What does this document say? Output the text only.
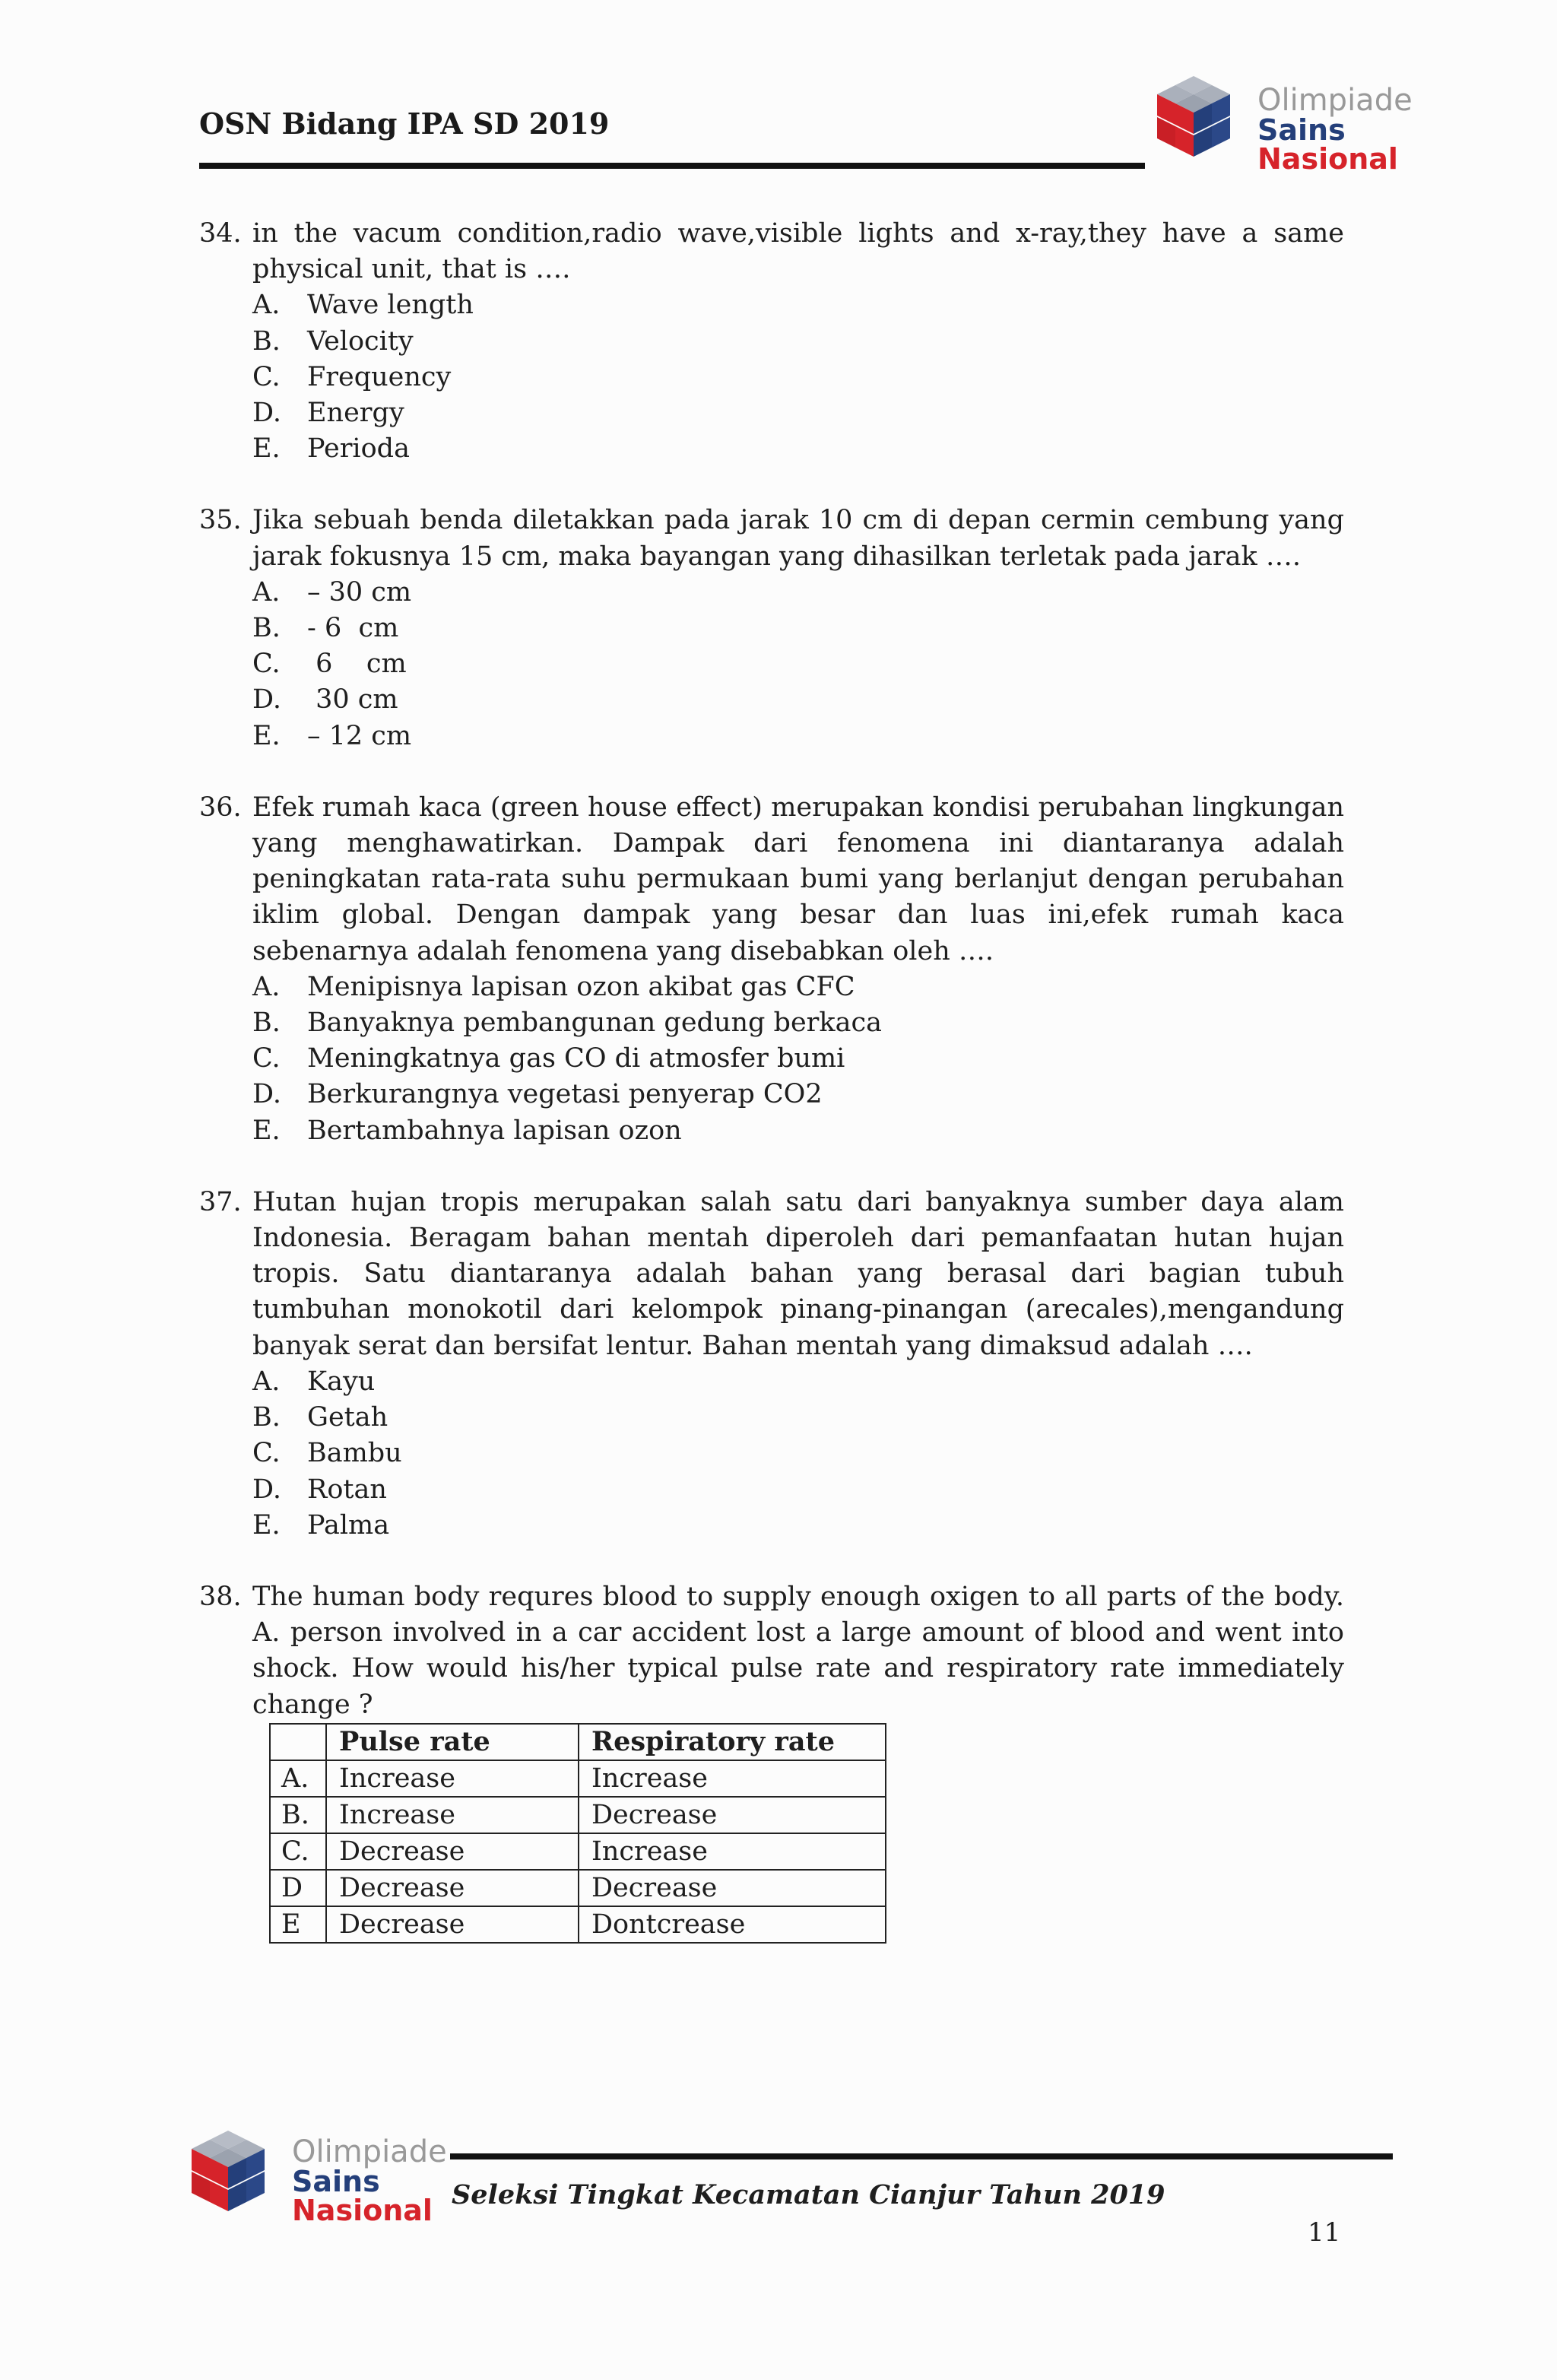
OSN Bidang IPA SD 2019
Olimpiade
Sains
Nasional
34. in the vacum condition,radio wave,visible lights and x-ray,they have a same physical unit, that is ….
A.	Wave length
B.	Velocity
C.	Frequency
D. Energy
E.	Perioda
35. Jika sebuah benda diletakkan pada jarak 10 cm di depan cermin cembung yang jarak fokusnya 15 cm, maka bayangan yang dihasilkan terletak pada jarak ….
A.	– 30 cm
B.	- 6  cm
C.	6    cm
D. 30 cm
E.	– 12 cm
36. Efek rumah kaca (green house effect) merupakan kondisi perubahan lingkungan yang menghawatirkan. Dampak dari fenomena ini diantaranya adalah peningkatan rata-rata suhu permukaan bumi yang berlanjut dengan perubahan iklim global. Dengan dampak yang besar dan luas ini,efek rumah kaca sebenarnya adalah fenomena yang disebabkan oleh ….
A.	Menipisnya lapisan ozon akibat gas CFC
B.	Banyaknya pembangunan gedung berkaca
C.	Meningkatnya gas CO di atmosfer bumi
D. Berkurangnya vegetasi penyerap CO2
E.	Bertambahnya lapisan ozon
37. Hutan hujan tropis merupakan salah satu dari banyaknya sumber daya alam Indonesia. Beragam bahan mentah diperoleh dari pemanfaatan hutan hujan tropis. Satu diantaranya adalah bahan yang berasal dari bagian tubuh tumbuhan monokotil dari kelompok pinang-pinangan (arecales),mengandung banyak serat dan bersifat lentur. Bahan mentah yang dimaksud adalah ….
A.	Kayu
B.	Getah
C.	Bambu
D. Rotan
E.	Palma
38. The human body requres blood to supply enough oxigen to all parts of the body. A. person involved in a car accident lost a large amount of blood and went into shock. How would his/her typical pulse rate and respiratory rate immediately change ?
	Pulse rate	Respiratory rate
A.	Increase	Increase
B.	Increase	Decrease
C.	Decrease	Increase
D	Decrease	Decrease
E	Decrease	Dontcrease
Olimpiade
Sains
Nasional Seleksi Tingkat Kecamatan Cianjur Tahun 2019
11
